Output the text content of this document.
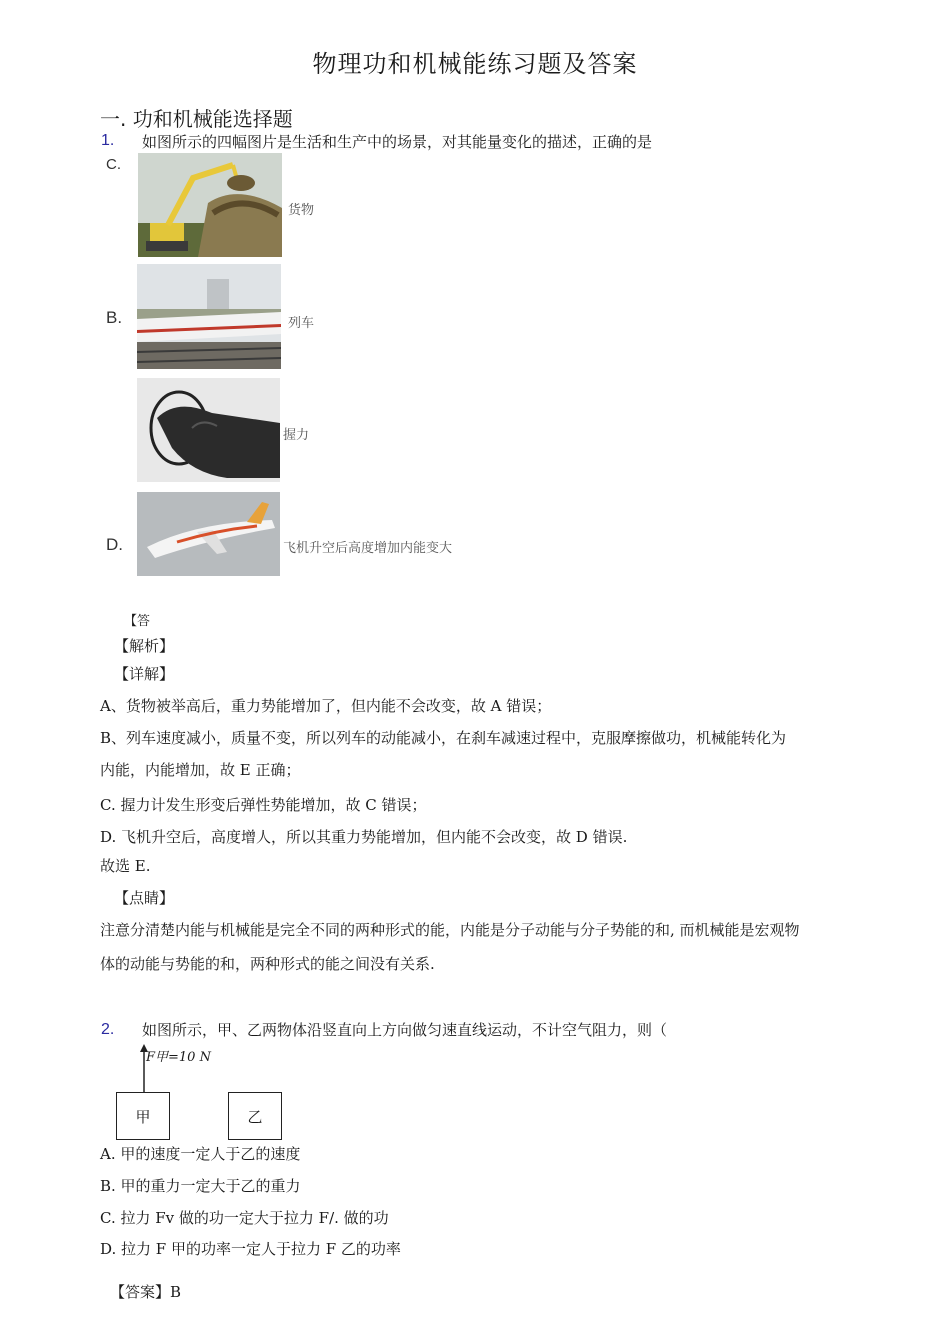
物理功和机械能练习题及答案
一. 功和机械能选择题
1. 如图所示的四幅图片是生活和生产中的场景，对其能量变化的描述，正确的是
C.
货物
B.	列车
握力
D.	飞机升空后高度增加内能变大
【答
【解析】
【详解】
A、货物被举高后，重力势能增加了，但内能不会改变，故 A 错误；
B、列车速度减小，质量不变，所以列车的动能减小，在刹车减速过程中，克服摩擦做功，机械能转化为
内能，内能增加，故 E 正确；
C. 握力计发生形变后弹性势能增加，故 C 错误；
D. 飞机升空后，高度增人，所以其重力势能增加，但内能不会改变，故 D 错误.
故选 E.
【点睛】
注意分清楚内能与机械能是完全不同的两种形式的能，内能是分子动能与分子势能的和, 而机械能是宏观物
体的动能与势能的和，两种形式的能之间没有关系.
2. 如图所示，甲、乙两物体沿竖直向上方向做匀速直线运动，不计空气阻力，则（
F甲=10 N
甲	乙
A. 甲的速度一定人于乙的速度
B. 甲的重力一定大于乙的重力
C. 拉力 Fv 做的功一定大于拉力 F/. 做的功
D. 拉力 F 甲的功率一定人于拉力 F 乙的功率
【答案】B
